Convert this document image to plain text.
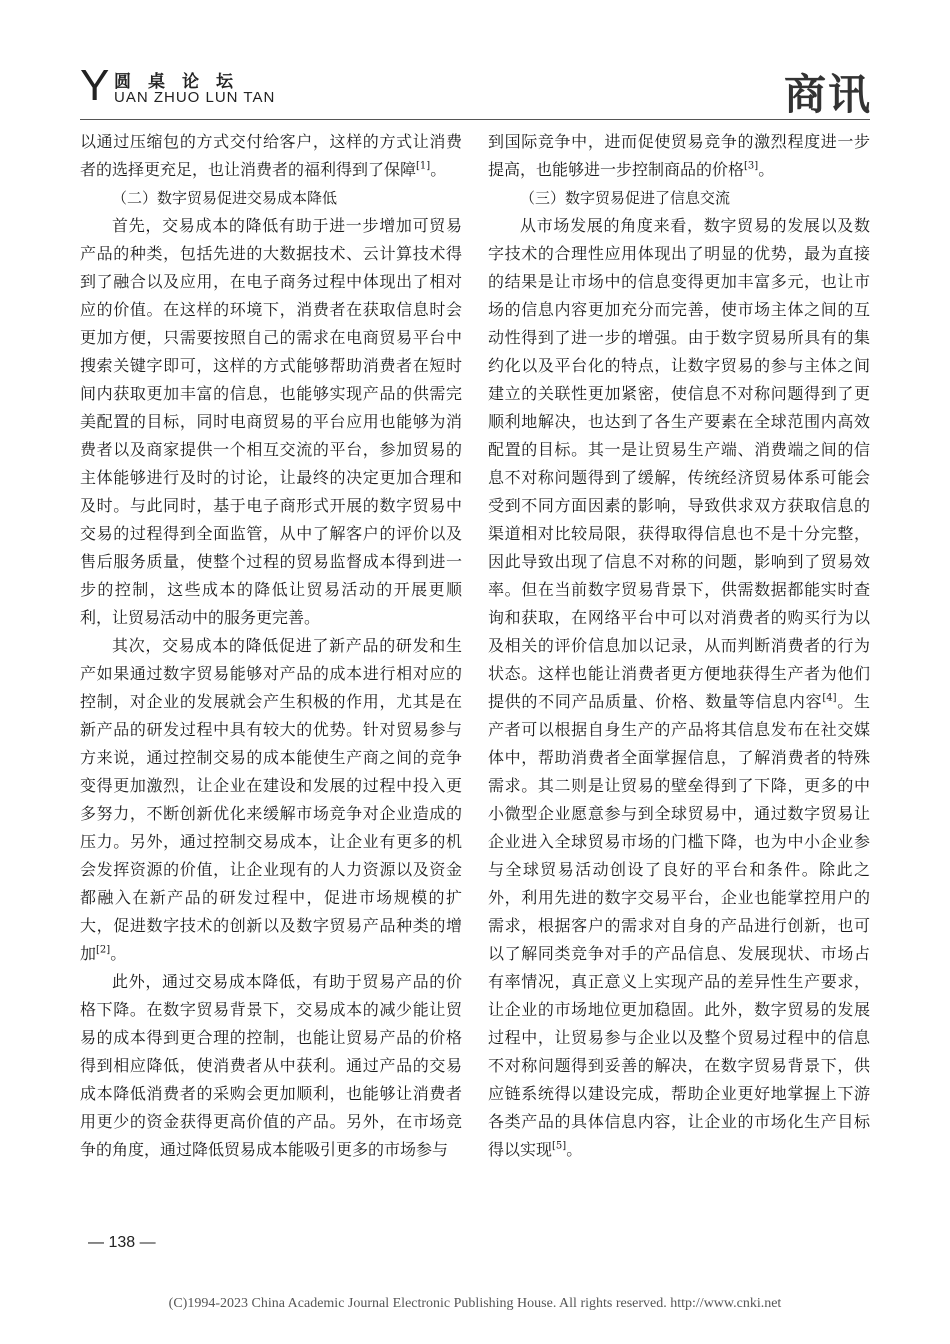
Y 圆桌论坛
UAN ZHUO LUN TAN	商讯

以通过压缩包的方式交付给客户，这样的方式让消费者的选择更充足，也让消费者的福利得到了保障[1]。

（二）数字贸易促进交易成本降低

首先，交易成本的降低有助于进一步增加可贸易产品的种类，包括先进的大数据技术、云计算技术得到了融合以及应用，在电子商务过程中体现出了相对应的价值。在这样的环境下，消费者在获取信息时会更加方便，只需要按照自己的需求在电商贸易平台中搜索关键字即可，这样的方式能够帮助消费者在短时间内获取更加丰富的信息，也能够实现产品的供需完美配置的目标，同时电商贸易的平台应用也能够为消费者以及商家提供一个相互交流的平台，参加贸易的主体能够进行及时的讨论，让最终的决定更加合理和及时。与此同时，基于电子商形式开展的数字贸易中交易的过程得到全面监管，从中了解客户的评价以及售后服务质量，使整个过程的贸易监督成本得到进一步的控制，这些成本的降低让贸易活动的开展更顺利，让贸易活动中的服务更完善。

其次，交易成本的降低促进了新产品的研发和生产如果通过数字贸易能够对产品的成本进行相对应的控制，对企业的发展就会产生积极的作用，尤其是在新产品的研发过程中具有较大的优势。针对贸易参与方来说，通过控制交易的成本能使生产商之间的竞争变得更加激烈，让企业在建设和发展的过程中投入更多努力，不断创新优化来缓解市场竞争对企业造成的压力。另外，通过控制交易成本，让企业有更多的机会发挥资源的价值，让企业现有的人力资源以及资金都融入在新产品的研发过程中，促进市场规模的扩大，促进数字技术的创新以及数字贸易产品种类的增加[2]。

此外，通过交易成本降低，有助于贸易产品的价格下降。在数字贸易背景下，交易成本的减少能让贸易的成本得到更合理的控制，也能让贸易产品的价格得到相应降低，使消费者从中获利。通过产品的交易成本降低消费者的采购会更加顺利，也能够让消费者用更少的资金获得更高价值的产品。另外，在市场竞争的角度，通过降低贸易成本能吸引更多的市场参与

到国际竞争中，进而促使贸易竞争的激烈程度进一步提高，也能够进一步控制商品的价格[3]。

（三）数字贸易促进了信息交流

从市场发展的角度来看，数字贸易的发展以及数字技术的合理性应用体现出了明显的优势，最为直接的结果是让市场中的信息变得更加丰富多元，也让市场的信息内容更加充分而完善，使市场主体之间的互动性得到了进一步的增强。由于数字贸易所具有的集约化以及平台化的特点，让数字贸易的参与主体之间建立的关联性更加紧密，使信息不对称问题得到了更顺利地解决，也达到了各生产要素在全球范围内高效配置的目标。其一是让贸易生产端、消费端之间的信息不对称问题得到了缓解，传统经济贸易体系可能会受到不同方面因素的影响，导致供求双方获取信息的渠道相对比较局限，获得取得信息也不是十分完整，因此导致出现了信息不对称的问题，影响到了贸易效率。但在当前数字贸易背景下，供需数据都能实时查询和获取，在网络平台中可以对消费者的购买行为以及相关的评价信息加以记录，从而判断消费者的行为状态。这样也能让消费者更方便地获得生产者为他们提供的不同产品质量、价格、数量等信息内容[4]。生产者可以根据自身生产的产品将其信息发布在社交媒体中，帮助消费者全面掌握信息，了解消费者的特殊需求。其二则是让贸易的壁垒得到了下降，更多的中小微型企业愿意参与到全球贸易中，通过数字贸易让企业进入全球贸易市场的门槛下降，也为中小企业参与全球贸易活动创设了良好的平台和条件。除此之外，利用先进的数字交易平台，企业也能掌控用户的需求，根据客户的需求对自身的产品进行创新，也可以了解同类竞争对手的产品信息、发展现状、市场占有率情况，真正意义上实现产品的差异性生产要求，让企业的市场地位更加稳固。此外，数字贸易的发展过程中，让贸易参与企业以及整个贸易过程中的信息不对称问题得到妥善的解决，在数字贸易背景下，供应链系统得以建设完成，帮助企业更好地掌握上下游各类产品的具体信息内容，让企业的市场化生产目标得以实现[5]。

— 138 —
(C)1994-2023 China Academic Journal Electronic Publishing House. All rights reserved. http://www.cnki.net
